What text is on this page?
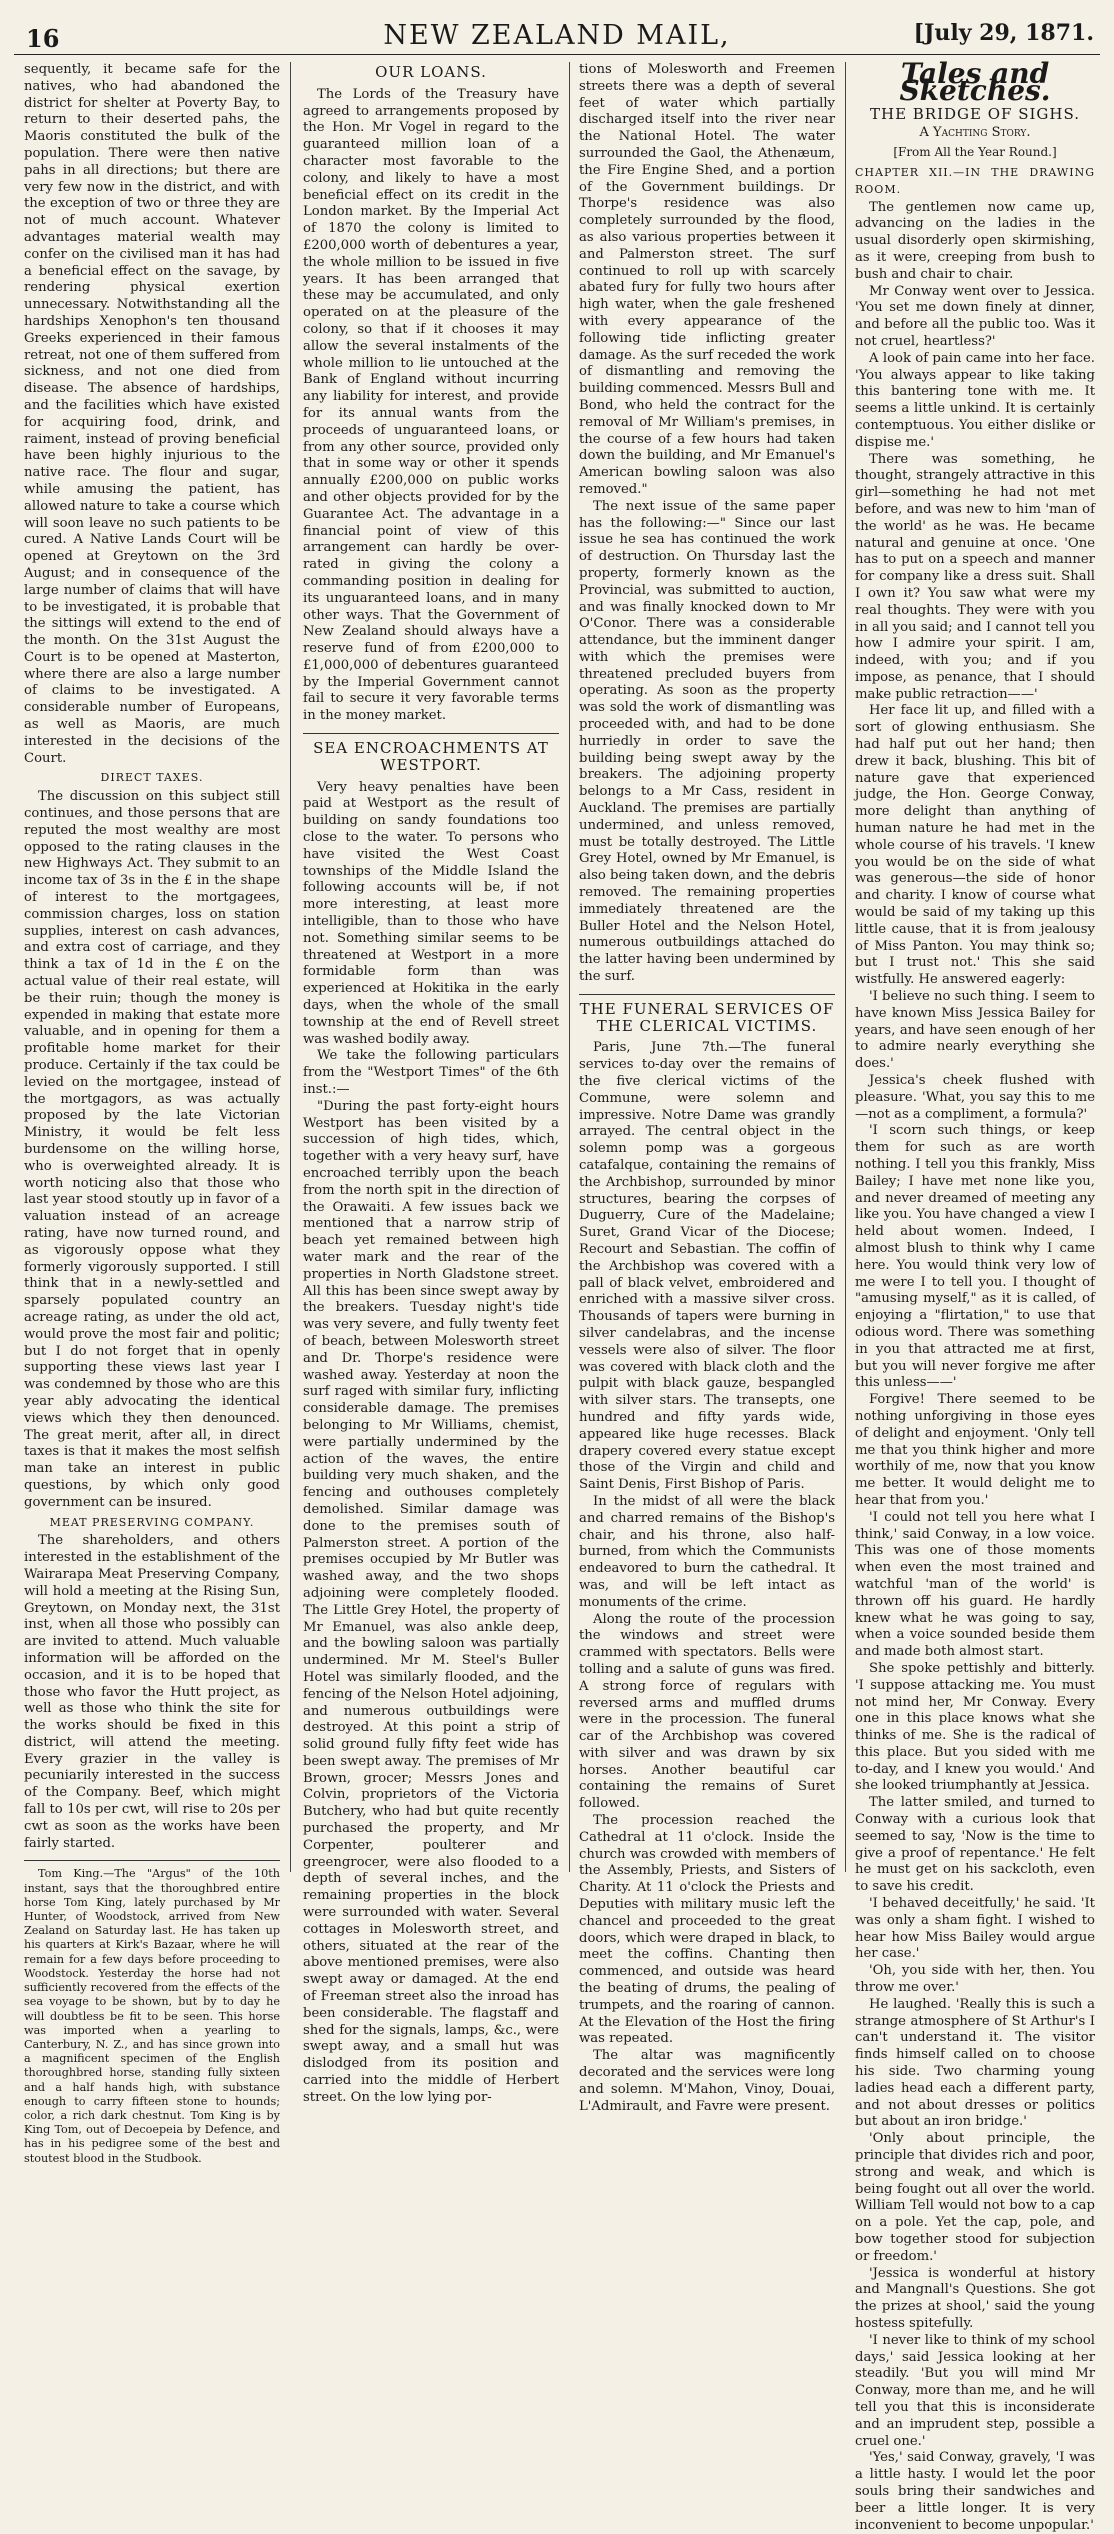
16	NEW ZEALAND MAIL,	[July 29, 1871.

sequently, it became safe for the natives, who had abandoned the district for shelter at Poverty Bay, to return to their deserted pahs, the Maoris constituted the bulk of the population. There were then native pahs in all directions; but there are very few now in the district, and with the exception of two or three they are not of much account. Whatever advantages material wealth may confer on the civilised man it has had a beneficial effect on the savage, by rendering physical exertion unnecessary. Notwithstanding all the hardships Xenophon's ten thousand Greeks experienced in their famous retreat, not one of them suffered from sickness, and not one died from disease. The absence of hardships, and the facilities which have existed for acquiring food, drink, and raiment, instead of proving beneficial have been highly injurious to the native race. The flour and sugar, while amusing the patient, has allowed nature to take a course which will soon leave no such patients to be cured. A Native Lands Court will be opened at Greytown on the 3rd August; and in consequence of the large number of claims that will have to be investigated, it is probable that the sittings will extend to the end of the month. On the 31st August the Court is to be opened at Masterton, where there are also a large number of claims to be investigated. A considerable number of Europeans, as well as Maoris, are much interested in the decisions of the Court.

DIRECT TAXES.

The discussion on this subject still continues, and those persons that are reputed the most wealthy are most opposed to the rating clauses in the new Highways Act. They submit to an income tax of 3s in the £ in the shape of interest to the mortgagees, commission charges, loss on station supplies, interest on cash advances, and extra cost of carriage, and they think a tax of 1d in the £ on the actual value of their real estate, will be their ruin; though the money is expended in making that estate more valuable, and in opening for them a profitable home market for their produce. Certainly if the tax could be levied on the mortgagee, instead of the mortgagors, as was actually proposed by the late Victorian Ministry, it would be felt less burdensome on the willing horse, who is overweighted already. It is worth noticing also that those who last year stood stoutly up in favor of a valuation instead of an acreage rating, have now turned round, and as vigorously oppose what they formerly vigorously supported. I still think that in a newly-settled and sparsely populated country an acreage rating, as under the old act, would prove the most fair and politic; but I do not forget that in openly supporting these views last year I was condemned by those who are this year ably advocating the identical views which they then denounced. The great merit, after all, in direct taxes is that it makes the most selfish man take an interest in public questions, by which only good government can be insured.

MEAT PRESERVING COMPANY.

The shareholders, and others interested in the establishment of the Wairarapa Meat Preserving Company, will hold a meeting at the Rising Sun, Greytown, on Monday next, the 31st inst, when all those who possibly can are invited to attend. Much valuable information will be afforded on the occasion, and it is to be hoped that those who favor the Hutt project, as well as those who think the site for the works should be fixed in this district, will attend the meeting. Every grazier in the valley is pecuniarily interested in the success of the Company. Beef, which might fall to 10s per cwt, will rise to 20s per cwt as soon as the works have been fairly started.

Tom King.—The "Argus" of the 10th instant, says that the thoroughbred entire horse Tom King, lately purchased by Mr Hunter, of Woodstock, arrived from New Zealand on Saturday last. He has taken up his quarters at Kirk's Bazaar, where he will remain for a few days before proceeding to Woodstock. Yesterday the horse had not sufficiently recovered from the effects of the sea voyage to be shown, but by to day he will doubtless be fit to be seen. This horse was imported when a yearling to Canterbury, N. Z., and has since grown into a magnificent specimen of the English thoroughbred horse, standing fully sixteen and a half hands high, with substance enough to carry fifteen stone to hounds; color, a rich dark chestnut. Tom King is by King Tom, out of Decoepeia by Defence, and has in his pedigree some of the best and stoutest blood in the Studbook.

OUR LOANS.

The Lords of the Treasury have agreed to arrangements proposed by the Hon. Mr Vogel in regard to the guaranteed million loan of a character most favorable to the colony, and likely to have a most beneficial effect on its credit in the London market. By the Imperial Act of 1870 the colony is limited to £200,000 worth of debentures a year, the whole million to be issued in five years. It has been arranged that these may be accumulated, and only operated on at the pleasure of the colony, so that if it chooses it may allow the several instalments of the whole million to lie untouched at the Bank of England without incurring any liability for interest, and provide for its annual wants from the proceeds of unguaranteed loans, or from any other source, provided only that in some way or other it spends annually £200,000 on public works and other objects provided for by the Guarantee Act. The advantage in a financial point of view of this arrangement can hardly be over-rated in giving the colony a commanding position in dealing for its unguaranteed loans, and in many other ways. That the Government of New Zealand should always have a reserve fund of from £200,000 to £1,000,000 of debentures guaranteed by the Imperial Government cannot fail to secure it very favorable terms in the money market.

SEA ENCROACHMENTS AT WESTPORT.

Very heavy penalties have been paid at Westport as the result of building on sandy foundations too close to the water. To persons who have visited the West Coast townships of the Middle Island the following accounts will be, if not more interesting, at least more intelligible, than to those who have not. Something similar seems to be threatened at Westport in a more formidable form than was experienced at Hokitika in the early days, when the whole of the small township at the end of Revell street was washed bodily away.

We take the following particulars from the "Westport Times" of the 6th inst.:—

"During the past forty-eight hours Westport has been visited by a succession of high tides, which, together with a very heavy surf, have encroached terribly upon the beach from the north spit in the direction of the Orawaiti. A few issues back we mentioned that a narrow strip of beach yet remained between high water mark and the rear of the properties in North Gladstone street. All this has been since swept away by the breakers. Tuesday night's tide was very severe, and fully twenty feet of beach, between Molesworth street and Dr. Thorpe's residence were washed away. Yesterday at noon the surf raged with similar fury, inflicting considerable damage. The premises belonging to Mr Williams, chemist, were partially undermined by the action of the waves, the entire building very much shaken, and the fencing and outhouses completely demolished. Similar damage was done to the premises south of Palmerston street. A portion of the premises occupied by Mr Butler was washed away, and the two shops adjoining were completely flooded. The Little Grey Hotel, the property of Mr Emanuel, was also ankle deep, and the bowling saloon was partially undermined. Mr M. Steel's Buller Hotel was similarly flooded, and the fencing of the Nelson Hotel adjoining, and numerous outbuildings were destroyed. At this point a strip of solid ground fully fifty feet wide has been swept away. The premises of Mr Brown, grocer; Messrs Jones and Colvin, proprietors of the Victoria Butchery, who had but quite recently purchased the property, and Mr Corpenter, poulterer and greengrocer, were also flooded to a depth of several inches, and the remaining properties in the block were surrounded with water. Several cottages in Molesworth street, and others, situated at the rear of the above mentioned premises, were also swept away or damaged. At the end of Freeman street also the inroad has been considerable. The flagstaff and shed for the signals, lamps, &c., were swept away, and a small hut was dislodged from its position and carried into the middle of Herbert street. On the low lying por-

tions of Molesworth and Freemen streets there was a depth of several feet of water which partially discharged itself into the river near the National Hotel. The water surrounded the Gaol, the Athenæum, the Fire Engine Shed, and a portion of the Government buildings. Dr Thorpe's residence was also completely surrounded by the flood, as also various properties between it and Palmerston street. The surf continued to roll up with scarcely abated fury for fully two hours after high water, when the gale freshened with every appearance of the following tide inflicting greater damage. As the surf receded the work of dismantling and removing the building commenced. Messrs Bull and Bond, who held the contract for the removal of Mr William's premises, in the course of a few hours had taken down the building, and Mr Emanuel's American bowling saloon was also removed."

The next issue of the same paper has the following:—" Since our last issue he sea has continued the work of destruction. On Thursday last the property, formerly known as the Provincial, was submitted to auction, and was finally knocked down to Mr O'Conor. There was a considerable attendance, but the imminent danger with which the premises were threatened precluded buyers from operating. As soon as the property was sold the work of dismantling was proceeded with, and had to be done hurriedly in order to save the building being swept away by the breakers. The adjoining property belongs to a Mr Cass, resident in Auckland. The premises are partially undermined, and unless removed, must be totally destroyed. The Little Grey Hotel, owned by Mr Emanuel, is also being taken down, and the debris removed. The remaining properties immediately threatened are the Buller Hotel and the Nelson Hotel, numerous outbuildings attached do the latter having been undermined by the surf.

THE FUNERAL SERVICES OF THE CLERICAL VICTIMS.

Paris, June 7th.—The funeral services to-day over the remains of the five clerical victims of the Commune, were solemn and impressive. Notre Dame was grandly arrayed. The central object in the solemn pomp was a gorgeous catafalque, containing the remains of the Archbishop, surrounded by minor structures, bearing the corpses of Duguerry, Cure of the Madelaine; Suret, Grand Vicar of the Diocese; Recourt and Sebastian. The coffin of the Archbishop was covered with a pall of black velvet, embroidered and enriched with a massive silver cross. Thousands of tapers were burning in silver candelabras, and the incense vessels were also of silver. The floor was covered with black cloth and the pulpit with black gauze, bespangled with silver stars. The transepts, one hundred and fifty yards wide, appeared like huge recesses. Black drapery covered every statue except those of the Virgin and child and Saint Denis, First Bishop of Paris.

In the midst of all were the black and charred remains of the Bishop's chair, and his throne, also half-burned, from which the Communists endeavored to burn the cathedral. It was, and will be left intact as monuments of the crime.

Along the route of the procession the windows and street were crammed with spectators. Bells were tolling and a salute of guns was fired. A strong force of regulars with reversed arms and muffled drums were in the procession. The funeral car of the Archbishop was covered with silver and was drawn by six horses. Another beautiful car containing the remains of Suret followed.

The procession reached the Cathedral at 11 o'clock. Inside the church was crowded with members of the Assembly, Priests, and Sisters of Charity. At 11 o'clock the Priests and Deputies with military music left the chancel and proceeded to the great doors, which were draped in black, to meet the coffins. Chanting then commenced, and outside was heard the beating of drums, the pealing of trumpets, and the roaring of cannon. At the Elevation of the Host the firing was repeated.

The altar was magnificently decorated and the services were long and solemn. M'Mahon, Vinoy, Douai, L'Admirault, and Favre were present.

Tales and Sketches.
THE BRIDGE OF SIGHS.
A Yachting Story.
[From All the Year Round.]
CHAPTER XII.—IN THE DRAWING ROOM.

The gentlemen now came up, advancing on the ladies in the usual disorderly open skirmishing, as it were, creeping from bush to bush and chair to chair.

Mr Conway went over to Jessica. 'You set me down finely at dinner, and before all the public too. Was it not cruel, heartless?'

A look of pain came into her face. 'You always appear to like taking this bantering tone with me. It seems a little unkind. It is certainly contemptuous. You either dislike or dispise me.'

There was something, he thought, strangely attractive in this girl—something he had not met before, and was new to him 'man of the world' as he was. He became natural and genuine at once. 'One has to put on a speech and manner for company like a dress suit. Shall I own it? You saw what were my real thoughts. They were with you in all you said; and I cannot tell you how I admire your spirit. I am, indeed, with you; and if you impose, as penance, that I should make public retraction——'

Her face lit up, and filled with a sort of glowing enthusiasm. She had half put out her hand; then drew it back, blushing. This bit of nature gave that experienced judge, the Hon. George Conway, more delight than anything of human nature he had met in the whole course of his travels. 'I knew you would be on the side of what was generous—the side of honor and charity. I know of course what would be said of my taking up this little cause, that it is from jealousy of Miss Panton. You may think so; but I trust not.' This she said wistfully. He answered eagerly:

'I believe no such thing. I seem to have known Miss Jessica Bailey for years, and have seen enough of her to admire nearly everything she does.'

Jessica's cheek flushed with pleasure. 'What, you say this to me—not as a compliment, a formula?'

'I scorn such things, or keep them for such as are worth nothing. I tell you this frankly, Miss Bailey; I have met none like you, and never dreamed of meeting any like you. You have changed a view I held about women. Indeed, I almost blush to think why I came here. You would think very low of me were I to tell you. I thought of "amusing myself," as it is called, of enjoying a "flirtation," to use that odious word. There was something in you that attracted me at first, but you will never forgive me after this unless——'

Forgive! There seemed to be nothing unforgiving in those eyes of delight and enjoyment. 'Only tell me that you think higher and more worthily of me, now that you know me better. It would delight me to hear that from you.'

'I could not tell you here what I think,' said Conway, in a low voice. This was one of those moments when even the most trained and watchful 'man of the world' is thrown off his guard. He hardly knew what he was going to say, when a voice sounded beside them and made both almost start.

She spoke pettishly and bitterly. 'I suppose attacking me. You must not mind her, Mr Conway. Every one in this place knows what she thinks of me. She is the radical of this place. But you sided with me to-day, and I knew you would.' And she looked triumphantly at Jessica.

The latter smiled, and turned to Conway with a curious look that seemed to say, 'Now is the time to give a proof of repentance.' He felt he must get on his sackcloth, even to save his credit.

'I behaved deceitfully,' he said. 'It was only a sham fight. I wished to hear how Miss Bailey would argue her case.'

'Oh, you side with her, then. You throw me over.'

He laughed. 'Really this is such a strange atmosphere of St Arthur's I can't understand it. The visitor finds himself called on to choose his side. Two charming young ladies head each a different party, and not about dresses or politics but about an iron bridge.'

'Only about principle, the principle that divides rich and poor, strong and weak, and which is being fought out all over the world. William Tell would not bow to a cap on a pole. Yet the cap, pole, and bow together stood for subjection or freedom.'

'Jessica is wonderful at history and Mangnall's Questions. She got the prizes at shool,' said the young hostess spitefully.

'I never like to think of my school days,' said Jessica looking at her steadily. 'But you will mind Mr Conway, more than me, and he will tell you that this is inconsiderate and an imprudent step, possible a cruel one.'

'Yes,' said Conway, gravely, 'I was a little hasty. I would let the poor souls bring their sandwiches and beer a little longer. It is very inconvenient to become unpopular.'
